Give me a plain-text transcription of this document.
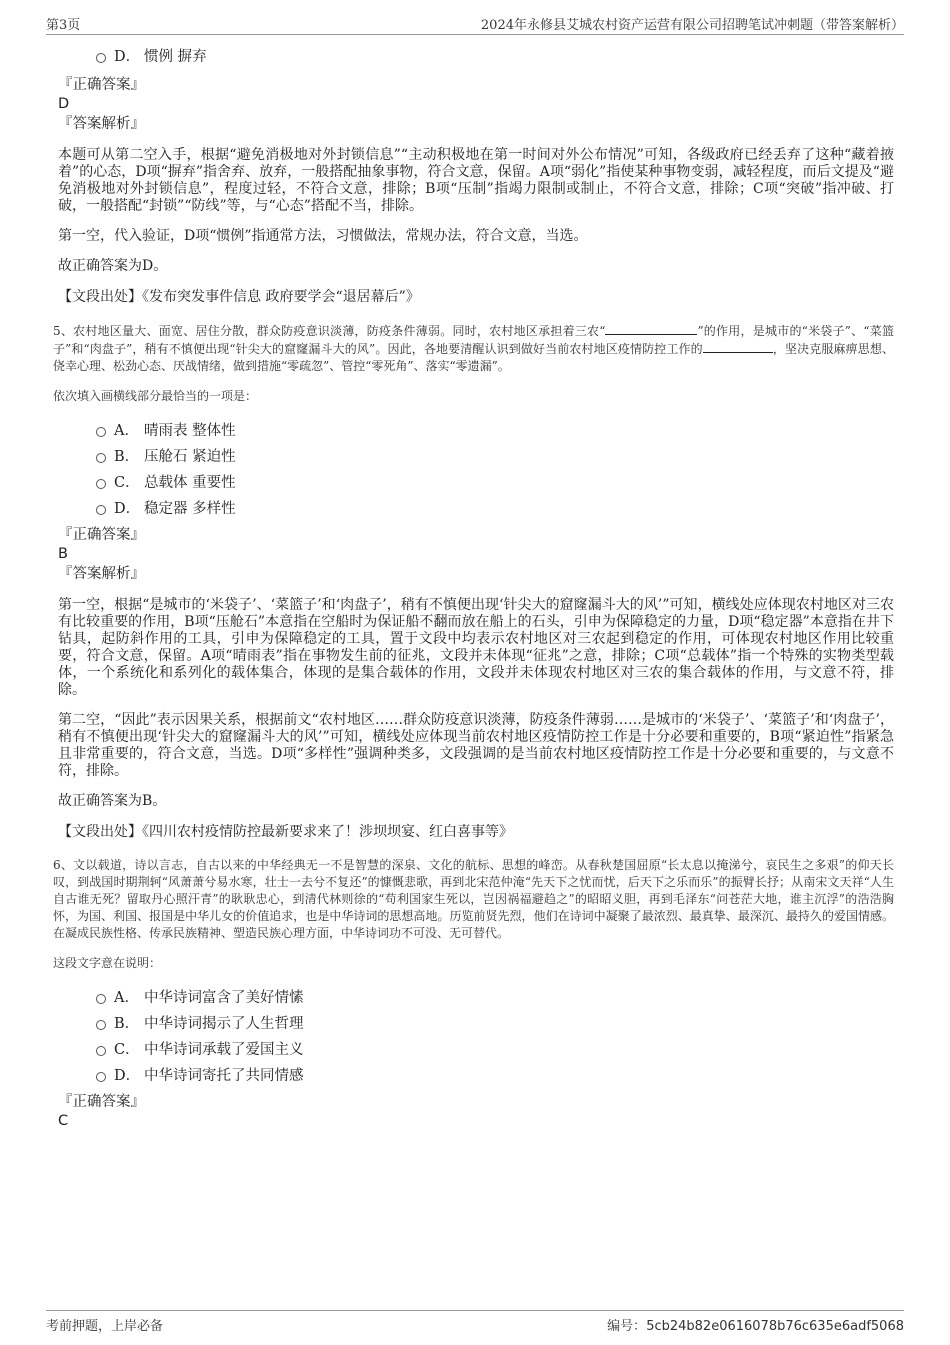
第3页	2024年永修县艾城农村资产运营有限公司招聘笔试冲刺题（带答案解析）
D． 惯例 摒弃
『正确答案』
D
『答案解析』

本题可从第二空入手，根据“避免消极地对外封锁信息”“主动积极地在第一时间对外公布情况”可知，各级政府已经丢弃了这种“藏着掖着”的心态，D项“摒弃”指舍弃、放弃，一般搭配抽象事物，符合文意，保留。A项“弱化”指使某种事物变弱，减轻程度，而后文提及“避免消极地对外封锁信息”，程度过轻，不符合文意，排除；B项“压制”指竭力限制或制止，不符合文意，排除；C项“突破”指冲破、打破，一般搭配“封锁”“防线”等，与“心态”搭配不当，排除。

第一空，代入验证，D项“惯例”指通常方法，习惯做法，常规办法，符合文意，当选。

故正确答案为D。

【文段出处】《发布突发事件信息 政府要学会“退居幕后”》

5、农村地区量大、面宽、居住分散，群众防疫意识淡薄，防疫条件薄弱。同时，农村地区承担着三农“	”的作用，是城市的“米袋子”、“菜篮子”和“肉盘子”，稍有不慎便出现“针尖大的窟窿漏斗大的风”。因此，各地要清醒认识到做好当前农村地区疫情防控工作的	，坚决克服麻痹思想、侥幸心理、松劲心态、厌战情绪，做到措施“零疏忽”、管控“零死角”、落实“零遗漏”。

依次填入画横线部分最恰当的一项是：
A． 晴雨表 整体性
B． 压舱石 紧迫性
C． 总载体 重要性
D． 稳定器 多样性
『正确答案』
B
『答案解析』

第一空，根据“是城市的‘米袋子’、‘菜篮子’和‘肉盘子’，稍有不慎便出现‘针尖大的窟窿漏斗大的风’”可知，横线处应体现农村地区对三农有比较重要的作用，B项“压舱石”本意指在空船时为保证船不翻而放在船上的石头，引申为保障稳定的力量，D项“稳定器”本意指在井下钻具，起防斜作用的工具，引申为保障稳定的工具，置于文段中均表示农村地区对三农起到稳定的作用，可体现农村地区作用比较重要，符合文意，保留。A项“晴雨表”指在事物发生前的征兆，文段并未体现“征兆”之意，排除；C项“总载体”指一个特殊的实物类型载体，一个系统化和系列化的载体集合，体现的是集合载体的作用，文段并未体现农村地区对三农的集合载体的作用，与文意不符，排除。

第二空，“因此”表示因果关系，根据前文“农村地区……群众防疫意识淡薄，防疫条件薄弱……是城市的‘米袋子’、‘菜篮子’和‘肉盘子’，稍有不慎便出现‘针尖大的窟窿漏斗大的风’”可知，横线处应体现当前农村地区疫情防控工作是十分必要和重要的，B项“紧迫性”指紧急且非常重要的，符合文意，当选。D项“多样性”强调种类多，文段强调的是当前农村地区疫情防控工作是十分必要和重要的，与文意不符，排除。

故正确答案为B。

【文段出处】《四川农村疫情防控最新要求来了！涉坝坝宴、红白喜事等》

6、文以载道，诗以言志，自古以来的中华经典无一不是智慧的深泉、文化的航标、思想的峰峦。从春秋楚国屈原“长太息以掩涕兮，哀民生之多艰”的仰天长叹，到战国时期荆轲“风萧萧兮易水寒，壮士一去兮不复还”的慷慨悲歌，再到北宋范仲淹“先天下之忧而忧，后天下之乐而乐”的振臂长抒；从南宋文天祥“人生自古谁无死？留取丹心照汗青”的耿耿忠心，到清代林则徐的“苟利国家生死以，岂因祸福避趋之”的昭昭义胆，再到毛泽东“问苍茫大地，谁主沉浮”的浩浩胸怀，为国、利国、报国是中华儿女的价值追求，也是中华诗词的思想高地。历览前贤先烈，他们在诗词中凝聚了最浓烈、最真挚、最深沉、最持久的爱国情感。在凝成民族性格、传承民族精神、塑造民族心理方面，中华诗词功不可没、无可替代。

这段文字意在说明：
A． 中华诗词富含了美好情愫
B． 中华诗词揭示了人生哲理
C． 中华诗词承载了爱国主义
D． 中华诗词寄托了共同情感
『正确答案』
C
考前押题，上岸必备	编号：5cb24b82e0616078b76c635e6adf5068
